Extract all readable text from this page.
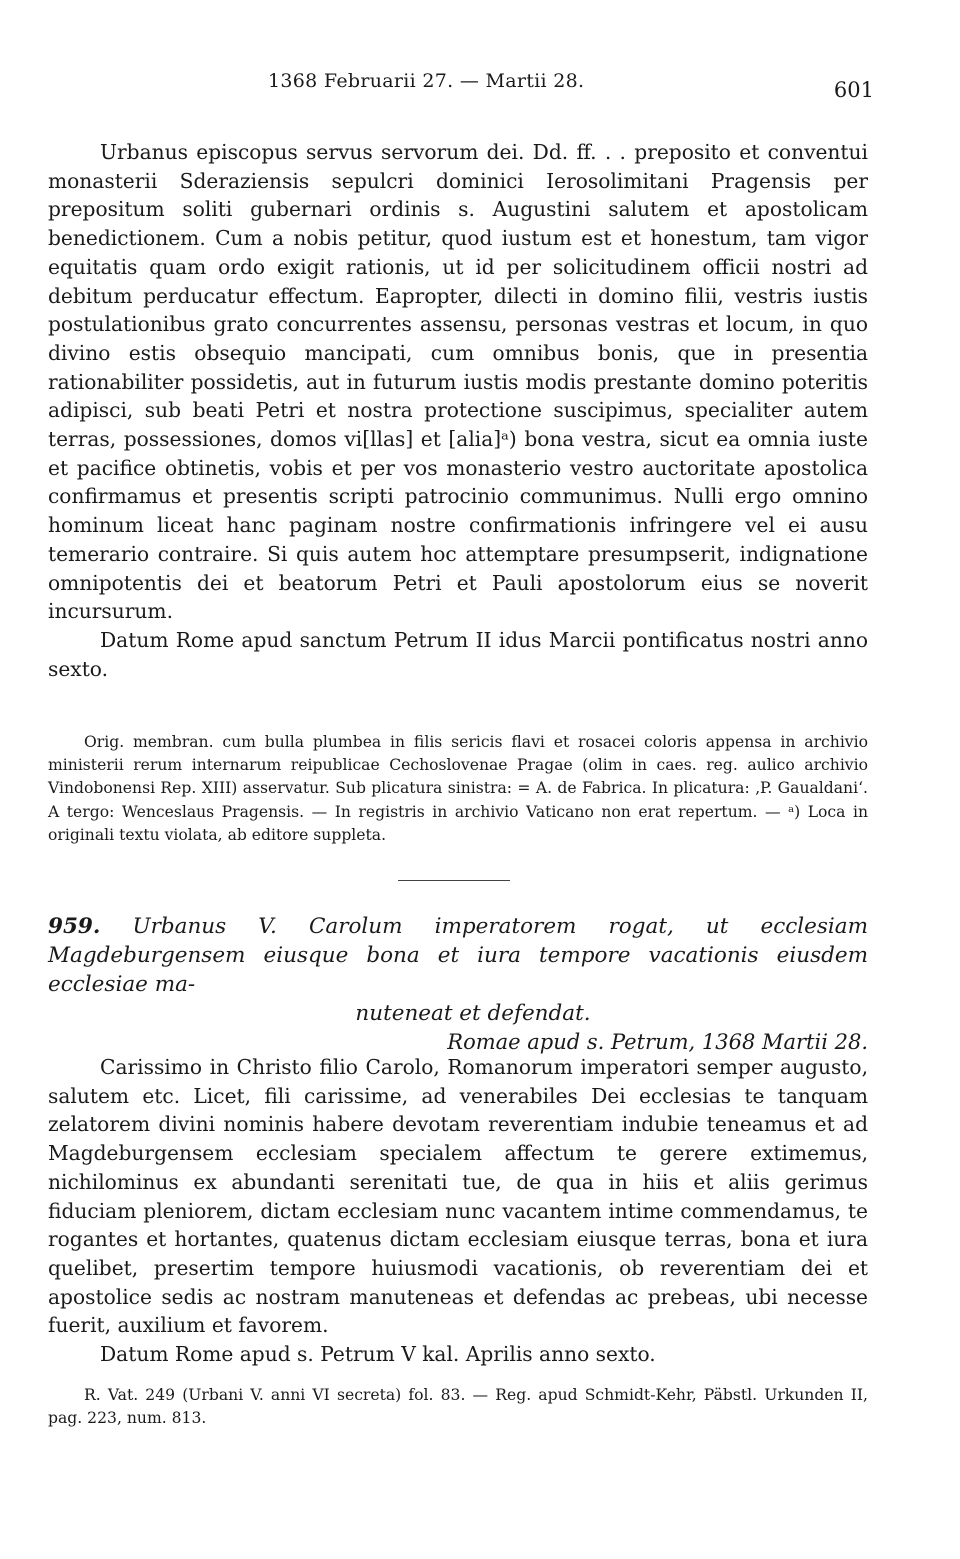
1368 Februarii 27. — Martii 28.	601

Urbanus episcopus servus servorum dei. Dd. ff. . . preposito et conventui monasterii Sderaziensis sepulcri dominici Ierosolimitani Pragensis per prepositum soliti gubernari ordinis s. Augustini salutem et apostolicam benedictionem. Cum a nobis petitur, quod iustum est et honestum, tam vigor equitatis quam ordo exigit rationis, ut id per solicitudinem officii nostri ad debitum perducatur effectum. Eapropter, dilecti in domino filii, vestris iustis postulationibus grato concurrentes assensu, personas vestras et locum, in quo divino estis obsequio mancipati, cum omnibus bonis, que in presentia rationabiliter possidetis, aut in futurum iustis modis prestante domino poteritis adipisci, sub beati Petri et nostra protectione suscipimus, specialiter autem terras, possessiones, domos vi[llas] et [alia]ᵃ) bona vestra, sicut ea omnia iuste et pacifice obtinetis, vobis et per vos monasterio vestro auctoritate apostolica confirmamus et presentis scripti patrocinio communimus. Nulli ergo omnino hominum liceat hanc paginam nostre confirmationis infringere vel ei ausu temerario contraire. Si quis autem hoc attemptare presumpserit, indignatione omnipotentis dei et beatorum Petri et Pauli apostolorum eius se noverit incursurum.

Datum Rome apud sanctum Petrum II idus Marcii pontificatus nostri anno sexto.

Orig. membran. cum bulla plumbea in filis sericis flavi et rosacei coloris appensa in archivio ministerii rerum internarum reipublicae Cechoslovenae Pragae (olim in caes. reg. aulico archivio Vindobonensi Rep. XIII) asservatur. Sub plicatura sinistra: = A. de Fabrica. In plicatura: ‚P. Gaualdani‘. A tergo: Wenceslaus Pragensis. — In registris in archivio Vaticano non erat repertum. — ᵃ) Loca in originali textu violata, ab editore suppleta.

959. Urbanus V. Carolum imperatorem rogat, ut ecclesiam Magdeburgensem eiusque bona et iura tempore vacationis eiusdem ecclesiae ma-
nuteneat et defendat.
Romae apud s. Petrum, 1368 Martii 28.

Carissimo in Christo filio Carolo, Romanorum imperatori semper augusto, salutem etc. Licet, fili carissime, ad venerabiles Dei ecclesias te tanquam zelatorem divini nominis habere devotam reverentiam indubie teneamus et ad Magdeburgensem ecclesiam specialem affectum te gerere extimemus, nichilominus ex abundanti serenitati tue, de qua in hiis et aliis gerimus fiduciam pleniorem, dictam ecclesiam nunc vacantem intime commendamus, te rogantes et hortantes, quatenus dictam ecclesiam eiusque terras, bona et iura quelibet, presertim tempore huiusmodi vacationis, ob reverentiam dei et apostolice sedis ac nostram manuteneas et defendas ac prebeas, ubi necesse fuerit, auxilium et favorem.

Datum Rome apud s. Petrum V kal. Aprilis anno sexto.

R. Vat. 249 (Urbani V. anni VI secreta) fol. 83. — Reg. apud Schmidt-Kehr, Päbstl. Urkunden II, pag. 223, num. 813.
